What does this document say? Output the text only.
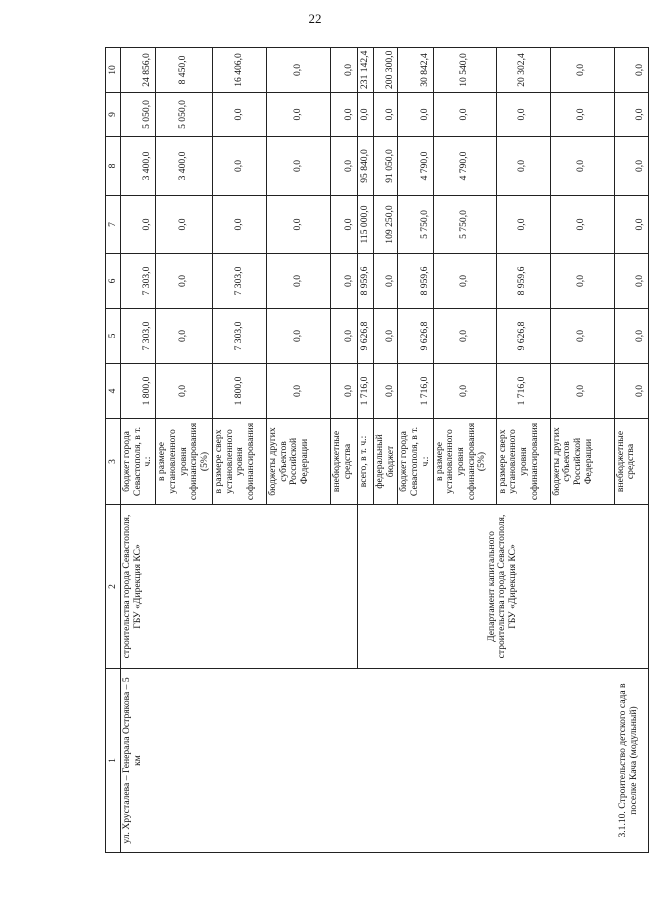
22
1	2	3	4	5	6	7	8	9	10
ул. Хрусталева – Генерала Острякова – 5 км	строительства города Севастополя, ГБУ «Дирекция КС»	бюджет города Севастополя, в т. ч.:	1 800,0	7 303,0	7 303,0	0,0	3 400,0	5 050,0	24 856,0
		в размере установленного уровня софинансирования (5%)	0,0	0,0	0,0	0,0	3 400,0	5 050,0	8 450,0
		в размере сверх установленного уровня софинансирования	1 800,0	7 303,0	7 303,0	0,0	0,0	0,0	16 406,0
		бюджеты других субъектов Российской Федерации	0,0	0,0	0,0	0,0	0,0	0,0	0,0
		внебюджетные средства	0,0	0,0	0,0	0,0	0,0	0,0	0,0
3.1.10. Строительство детского сада в поселке Кача (модульный)	Департамент капитального строительства города Севастополя, ГБУ «Дирекция КС»	всего, в т. ч.:	1 716,0	9 626,8	8 959,6	115 000,0	95 840,0	0,0	231 142,4
		федеральный бюджет	0,0	0,0	0,0	109 250,0	91 050,0	0,0	200 300,0
		бюджет города Севастополя, в т. ч.:	1 716,0	9 626,8	8 959,6	5 750,0	4 790,0	0,0	30 842,4
		в размере установленного уровня софинансирования (5%)	0,0	0,0	0,0	5 750,0	4 790,0	0,0	10 540,0
		в размере сверх установленного уровня софинансирования	1 716,0	9 626,8	8 959,6	0,0	0,0	0,0	20 302,4
		бюджеты других субъектов Российской Федерации	0,0	0,0	0,0	0,0	0,0	0,0	0,0
		внебюджетные средства	0,0	0,0	0,0	0,0	0,0	0,0	0,0
